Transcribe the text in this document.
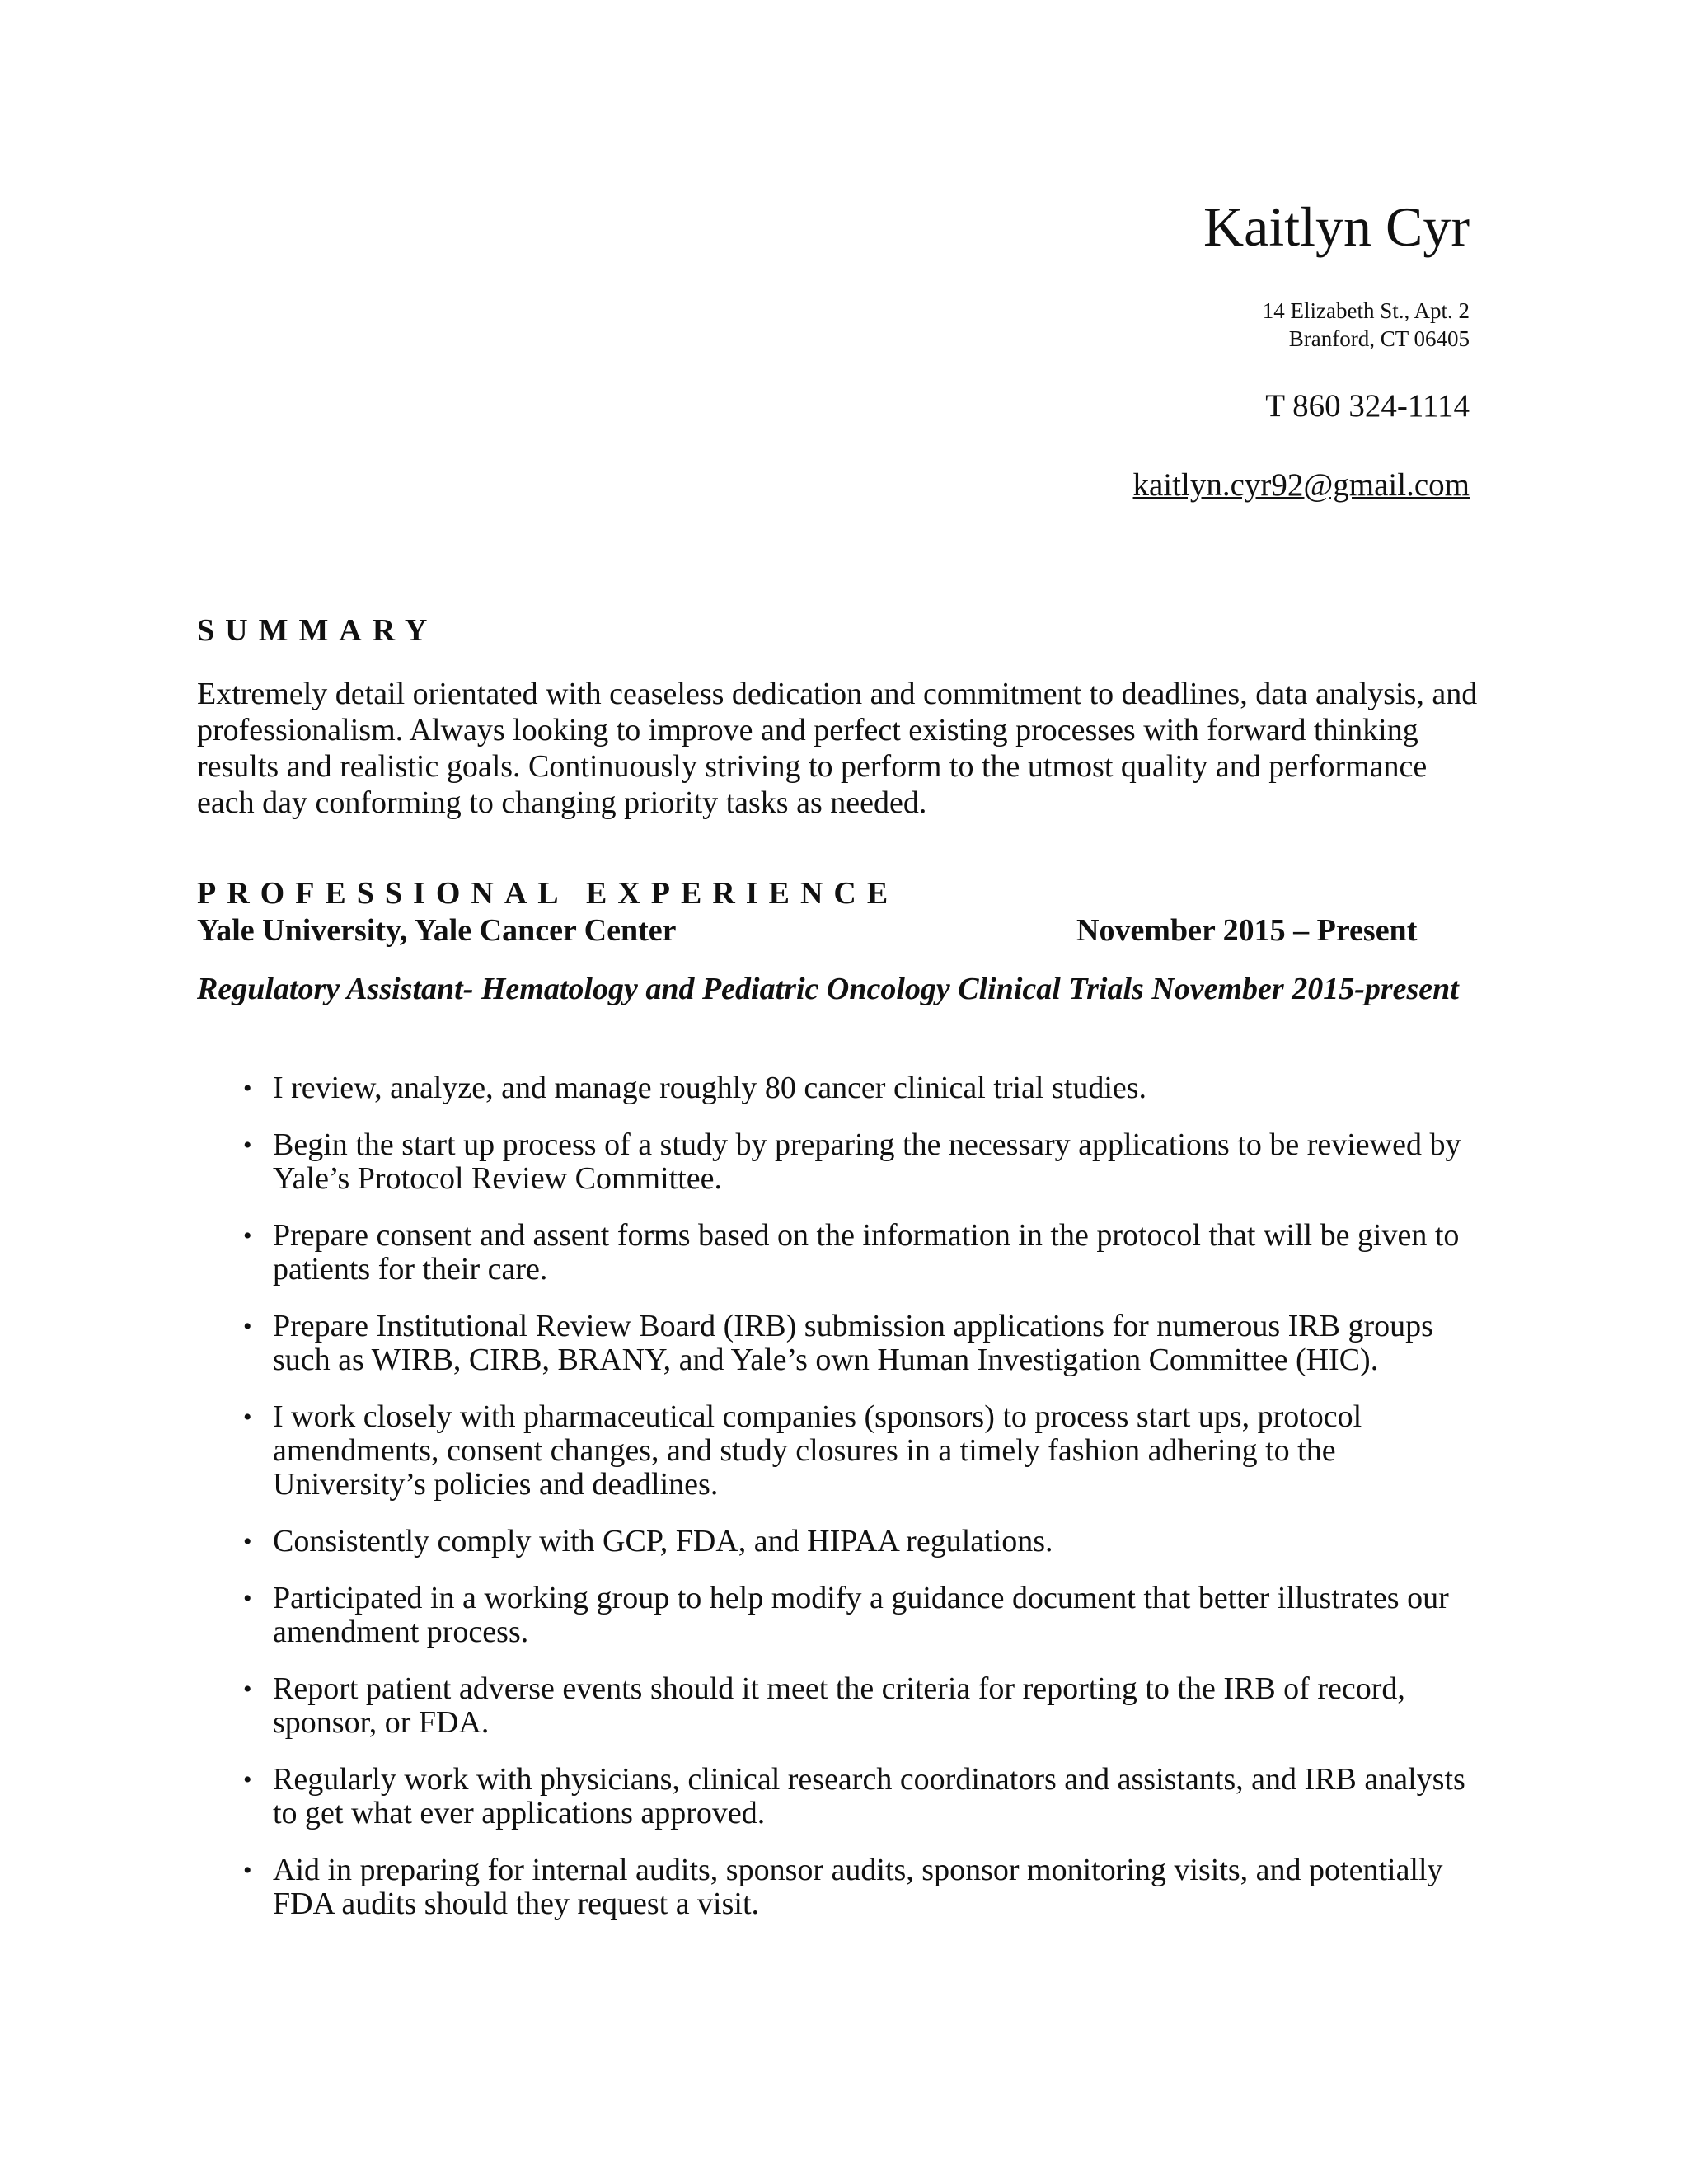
Kaitlyn Cyr
14 Elizabeth St., Apt. 2
Branford, CT 06405
T 860 324-1114
kaitlyn.cyr92@gmail.com
SUMMARY

Extremely detail orientated with ceaseless dedication and commitment to deadlines, data analysis, and professionalism. Always looking to improve and perfect existing processes with forward thinking results and realistic goals. Continuously striving to perform to the utmost quality and performance each day conforming to changing priority tasks as needed.

PROFESSIONAL EXPERIENCE
Yale University, Yale Cancer Center	November 2015 – Present

Regulatory Assistant- Hematology and Pediatric Oncology Clinical Trials November 2015-present

• I review, analyze, and manage roughly 80 cancer clinical trial studies.
• Begin the start up process of a study by preparing the necessary applications to be reviewed by Yale’s Protocol Review Committee.
• Prepare consent and assent forms based on the information in the protocol that will be given to patients for their care.
• Prepare Institutional Review Board (IRB) submission applications for numerous IRB groups such as WIRB, CIRB, BRANY, and Yale’s own Human Investigation Committee (HIC).
• I work closely with pharmaceutical companies (sponsors) to process start ups, protocol amendments, consent changes, and study closures in a timely fashion adhering to the University’s policies and deadlines.
• Consistently comply with GCP, FDA, and HIPAA regulations.
• Participated in a working group to help modify a guidance document that better illustrates our amendment process.
• Report patient adverse events should it meet the criteria for reporting to the IRB of record, sponsor, or FDA.
• Regularly work with physicians, clinical research coordinators and assistants, and IRB analysts to get what ever applications approved.
• Aid in preparing for internal audits, sponsor audits, sponsor monitoring visits, and potentially FDA audits should they request a visit.
